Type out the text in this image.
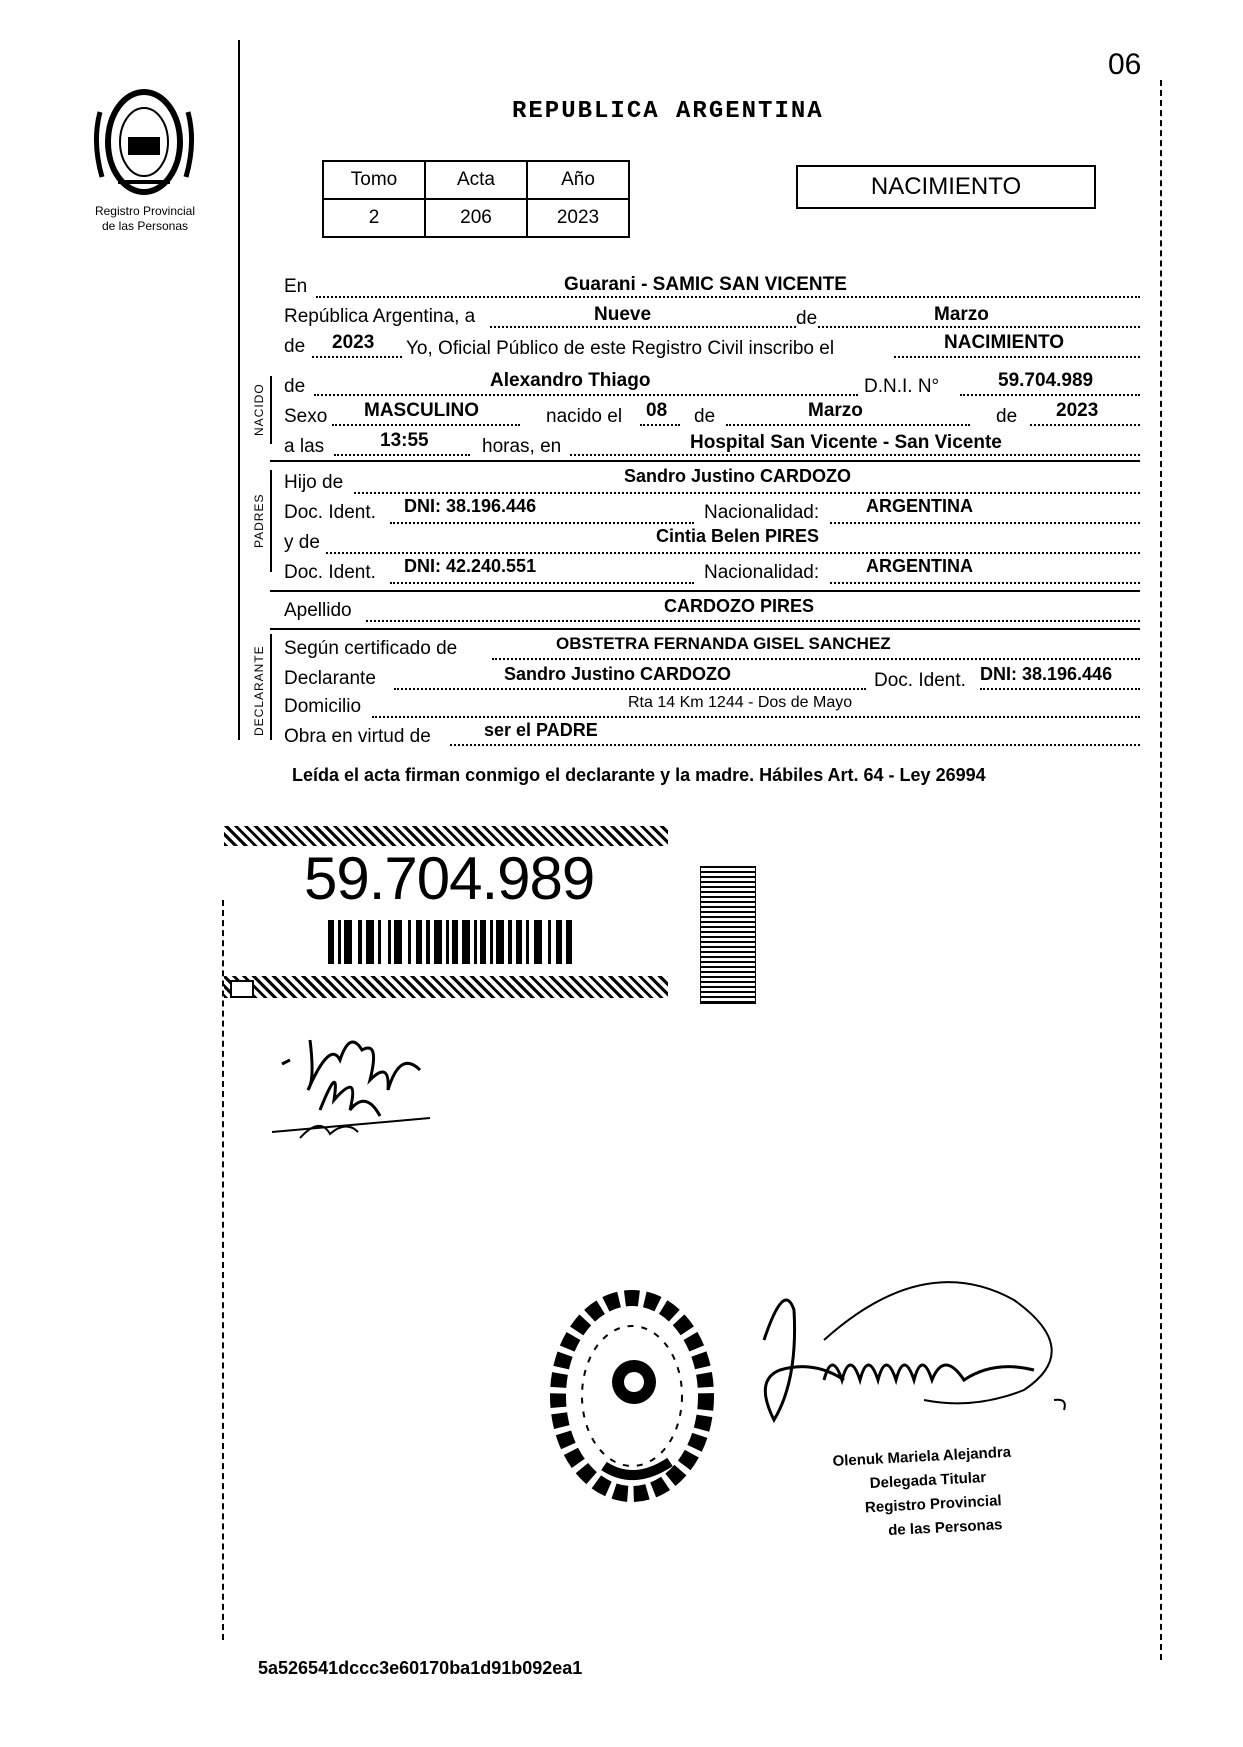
06
Registro Provincial
de las Personas
REPUBLICA ARGENTINA
Tomo	Acta	Año
2	206	2023
NACIMIENTO
NACIDO
PADRES
DECLARANTE
En	Guarani - SAMIC SAN VICENTE
República Argentina, a	Nueve	de	Marzo
de 2023 Yo, Oficial Público de este Registro Civil inscribo el	NACIMIENTO
de	Alexandro Thiago	D.N.I. N°	59.704.989
Sexo MASCULINO	nacido el 08 de	Marzo	de 2023
a las	13:55	horas, en	Hospital San Vicente - San Vicente
Hijo de	Sandro Justino CARDOZO
Doc. Ident. DNI: 38.196.446	Nacionalidad:	ARGENTINA
y de	Cintia Belen PIRES
Doc. Ident. DNI: 42.240.551	Nacionalidad:	ARGENTINA
Apellido	CARDOZO PIRES
Según certificado de	OBSTETRA FERNANDA GISEL SANCHEZ
Declarante	Sandro Justino CARDOZO	Doc. Ident. DNI: 38.196.446
Domicilio	Rta 14 Km 1244 - Dos de Mayo
Obra en virtud de	ser el PADRE
Leída el acta firman conmigo el declarante y la madre. Hábiles Art. 64 - Ley 26994
59.704.989
Olenuk Mariela Alejandra
Delegada Titular
Registro Provincial
de las Personas
5a526541dccc3e60170ba1d91b092ea1
